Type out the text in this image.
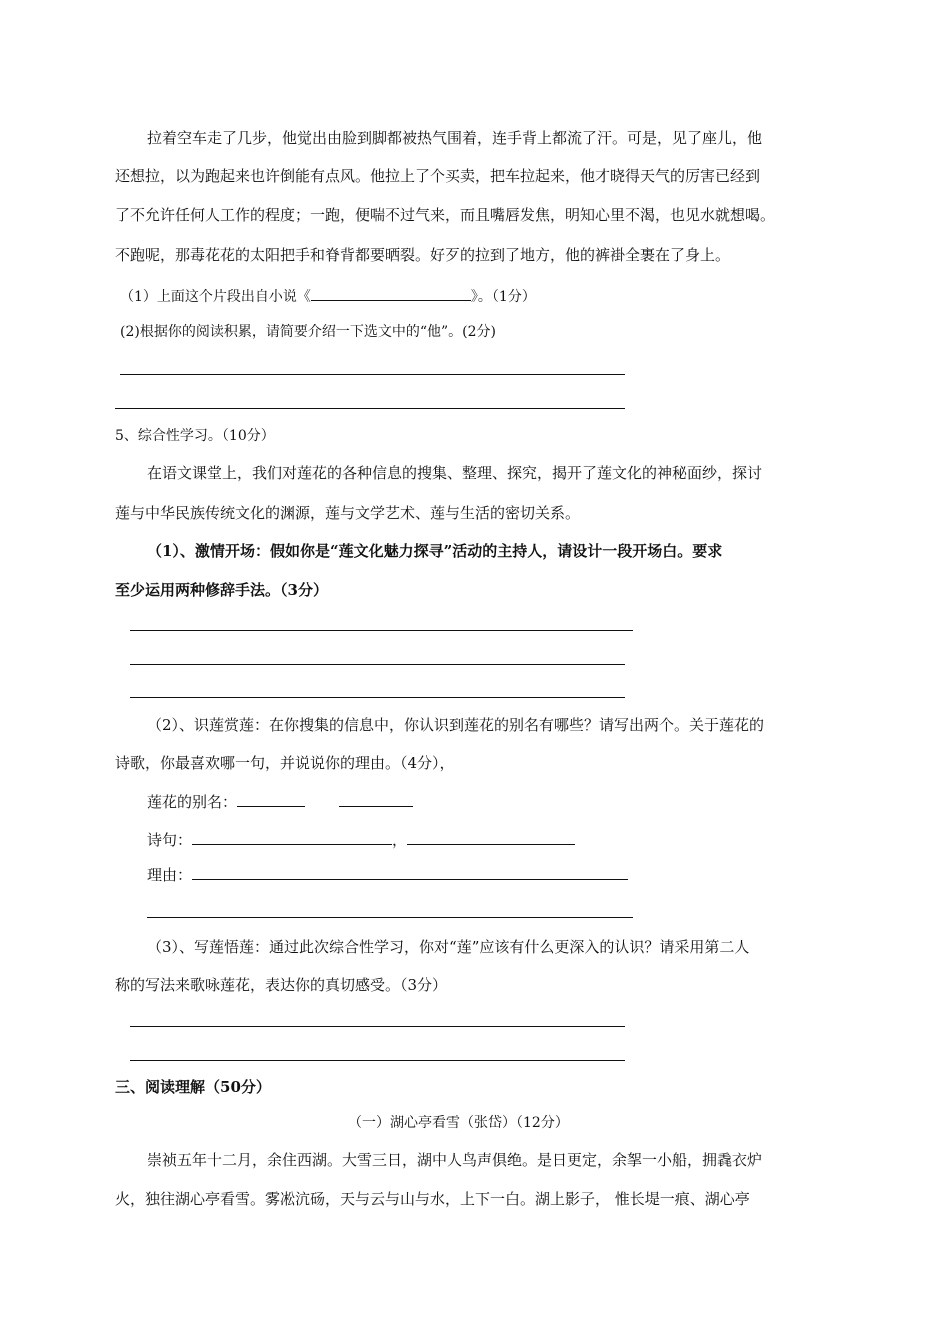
拉着空车走了几步，他觉出由脸到脚都被热气围着，连手背上都流了汗。可是，见了座儿，他
还想拉，以为跑起来也许倒能有点风。他拉上了个买卖，把车拉起来，他才晓得天气的厉害已经到
了不允许任何人工作的程度；一跑，便喘不过气来，而且嘴唇发焦，明知心里不渴，也见水就想喝。
不跑呢，那毒花花的太阳把手和脊背都要晒裂。好歹的拉到了地方，他的裤褂全裹在了身上。
（1）上面这个片段出自小说《	》。（1分）
(2)根据你的阅读积累，请简要介绍一下选文中的“他”。(2分)
5、综合性学习。（10分）
在语文课堂上，我们对莲花的各种信息的搜集、整理、探究，揭开了莲文化的神秘面纱，探讨
莲与中华民族传统文化的渊源，莲与文学艺术、莲与生活的密切关系。
（1）、激情开场：假如你是“莲文化魅力探寻”活动的主持人，请设计一段开场白。要求
至少运用两种修辞手法。（3分）
（2）、识莲赏莲：在你搜集的信息中，你认识到莲花的别名有哪些？请写出两个。关于莲花的
诗歌，你最喜欢哪一句，并说说你的理由。（4分），
莲花的别名：
诗句：	，
理由：
（3）、写莲悟莲：通过此次综合性学习，你对“莲”应该有什么更深入的认识？请采用第二人
称的写法来歌咏莲花，表达你的真切感受。（3分）
三、阅读理解（50分）
（一）湖心亭看雪（张岱）（12分）
崇祯五年十二月，余住西湖。大雪三日，湖中人鸟声俱绝。是日更定，余挐一小船，拥毳衣炉
火，独往湖心亭看雪。雾凇沆砀，天与云与山与水，上下一白。湖上影子， 惟长堤一痕、湖心亭
